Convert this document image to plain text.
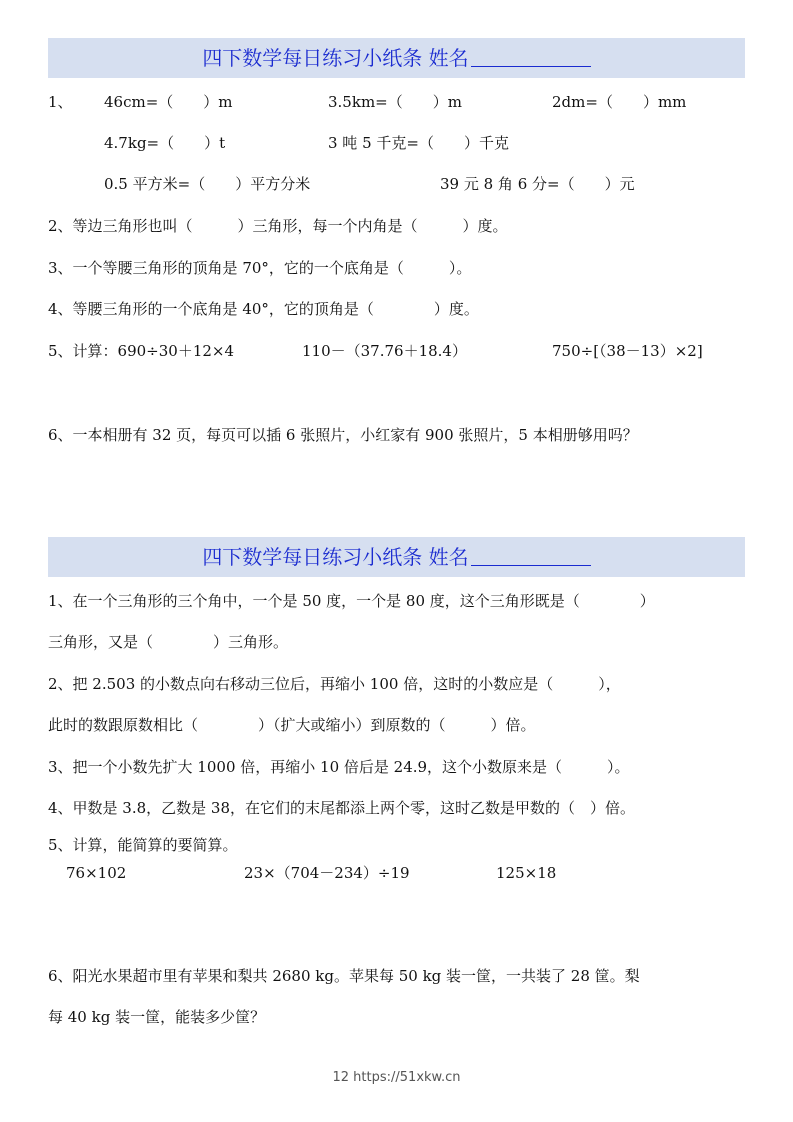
四下数学每日练习小纸条 姓名
1、 46cm=（　　）m	3.5km=（　　）m	2dm=（　　）mm
4.7kg=（　　）t	3 吨 5 千克=（　　）千克
0.5 平方米=（　　）平方分米	39 元 8 角 6 分=（　　）元
2、等边三角形也叫（　　　）三角形，每一个内角是（　　　）度。
3、一个等腰三角形的顶角是 70°，它的一个底角是（　　　）。
4、等腰三角形的一个底角是 40°，它的顶角是（　　　　）度。
5、计算：690÷30＋12×4	110－（37.76＋18.4）	750÷[（38－13）×2]
6、一本相册有 32 页，每页可以插 6 张照片，小红家有 900 张照片，5 本相册够用吗？
四下数学每日练习小纸条 姓名
1、在一个三角形的三个角中，一个是 50 度，一个是 80 度，这个三角形既是（　　　　）
三角形，又是（　　　　）三角形。
2、把 2.503 的小数点向右移动三位后，再缩小 100 倍，这时的小数应是（　　　），
此时的数跟原数相比（　　　　）（扩大或缩小）到原数的（　　　）倍。
3、把一个小数先扩大 1000 倍，再缩小 10 倍后是 24.9，这个小数原来是（　　　）。
4、甲数是 3.8，乙数是 38，在它们的末尾都添上两个零，这时乙数是甲数的（　）倍。
5、计算，能简算的要简算。
76×102	23×（704－234）÷19	125×18
6、阳光水果超市里有苹果和梨共 2680 kg。苹果每 50 kg 装一筐，一共装了 28 筐。梨
每 40 kg 装一筐，能装多少筐？
12 https://51xkw.cn
